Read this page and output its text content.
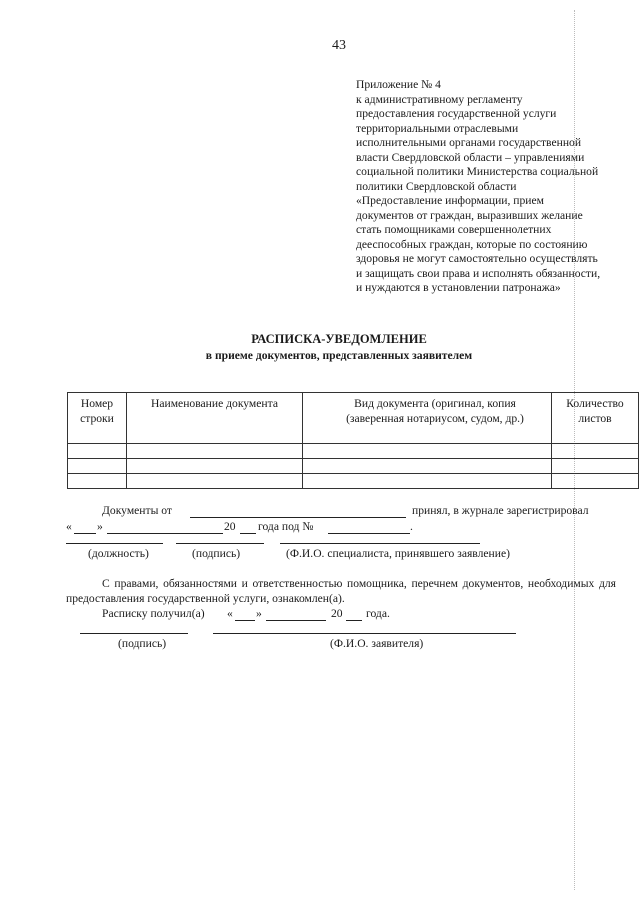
43
Приложение № 4
к административному регламенту
предоставления государственной услуги
территориальными отраслевыми
исполнительными органами государственной
власти Свердловской области – управлениями
социальной политики Министерства социальной
политики Свердловской области
«Предоставление информации, прием
документов от граждан, выразивших желание
стать помощниками совершеннолетних
дееспособных граждан, которые по состоянию
здоровья не могут самостоятельно осуществлять
и защищать свои права и исполнять обязанности,
и нуждаются в установлении патронажа»
РАСПИСКА-УВЕДОМЛЕНИЕ
в приеме документов, представленных заявителем
Номер строки	Наименование документа	Вид документа (оригинал, копия (заверенная нотариусом, судом, др.)	Количество листов

Документы от	принял, в журнале зарегистрировал
« »	20 года под №	.
(должность)	(подпись)	(Ф.И.О. специалиста, принявшего заявление)
С правами, обязанностями и ответственностью помощника, перечнем документов, необходимых для предоставления государственной услуги, ознакомлен(а).
Расписку получил(а) « »	20 года.
(подпись)	(Ф.И.О. заявителя)
